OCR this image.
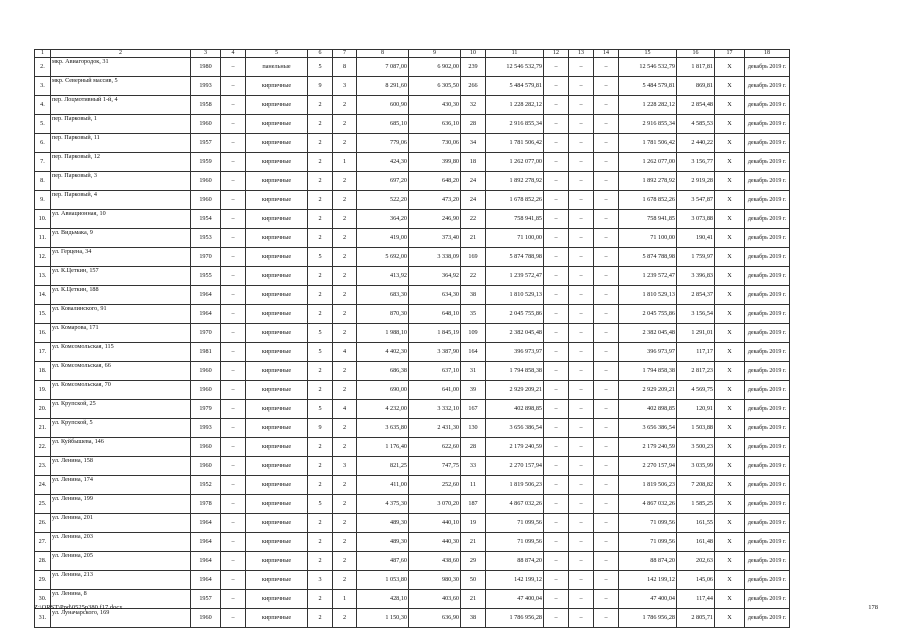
1	2	3	4	5	6	7	8	9	10	11	12	13	14	15	16	17	18
2.	мкр. Авиагородок, 31	1980	–	панельные	5	8	7 087,00	6 902,00	239	12 546 532,79	–	–	–	12 546 532,79	1 817,81	Х	декабрь 2019 г.
3.	мкр. Северный массив, 5	1993	–	кирпичные	9	3	8 291,60	6 305,50	266	5 484 579,81	–	–	–	5 484 579,81	869,81	Х	декабрь 2019 г.
4.	пер. Лоцмотивный 1-й, 4	1958	–	кирпичные	2	2	600,90	430,30	32	1 228 282,12	–	–	–	1 228 282,12	2 854,48	Х	декабрь 2019 г.
5.	пер. Парковый, 1	1960	–	кирпичные	2	2	685,10	636,10	28	2 916 855,34	–	–	–	2 916 855,34	4 585,53	Х	декабрь 2019 г.
6.	пер. Парковый, 11	1957	–	кирпичные	2	2	779,06	730,06	34	1 781 506,42	–	–	–	1 781 506,42	2 440,22	Х	декабрь 2019 г.
7.	пер. Парковый, 12	1959	–	кирпичные	2	1	424,30	399,80	18	1 262 077,00	–	–	–	1 262 077,00	3 156,77	Х	декабрь 2019 г.
8.	пер. Парковый, 3	1960	–	кирпичные	2	2	697,20	648,20	24	1 892 278,92	–	–	–	1 892 278,92	2 919,28	Х	декабрь 2019 г.
9.	пер. Парковый, 4	1960	–	кирпичные	2	2	522,20	473,20	24	1 678 852,26	–	–	–	1 678 852,26	3 547,87	Х	декабрь 2019 г.
10.	ул. Авиационная, 10	1954	–	кирпичные	2	2	364,20	246,90	22	758 941,85	–	–	–	758 941,85	3 073,88	Х	декабрь 2019 г.
11.	ул. Видьмака, 9	1953	–	кирпичные	2	2	419,00	373,40	21	71 100,00	–	–	–	71 100,00	190,41	Х	декабрь 2019 г.
12.	ул. Герцена, 34	1970	–	кирпичные	5	2	5 692,00	3 338,09	169	5 874 788,98	–	–	–	5 874 788,98	1 759,97	Х	декабрь 2019 г.
13.	ул. К.Цеткин, 157	1955	–	кирпичные	2	2	413,92	364,92	22	1 239 572,47	–	–	–	1 239 572,47	3 396,83	Х	декабрь 2019 г.
14.	ул. К.Цеткин, 188	1964	–	кирпичные	2	2	683,30	634,30	38	1 810 529,13	–	–	–	1 810 529,13	2 854,37	Х	декабрь 2019 г.
15.	ул. Ковалинского, 91	1964	–	кирпичные	2	2	870,30	648,10	35	2 045 755,86	–	–	–	2 045 755,86	3 156,54	Х	декабрь 2019 г.
16.	ул. Комарова, 171	1970	–	кирпичные	5	2	1 988,10	1 845,19	109	2 382 045,48	–	–	–	2 382 045,48	1 291,01	Х	декабрь 2019 г.
17.	ул. Комсомольская, 115	1981	–	кирпичные	5	4	4 402,30	3 387,90	164	396 973,97	–	–	–	396 973,97	117,17	Х	декабрь 2019 г.
18.	ул. Комсомольская, 66	1960	–	кирпичные	2	2	686,38	637,10	31	1 794 858,38	–	–	–	1 794 858,38	2 817,23	Х	декабрь 2019 г.
19.	ул. Комсомольская, 70	1960	–	кирпичные	2	2	690,00	641,00	39	2 929 209,21	–	–	–	2 929 209,21	4 569,75	Х	декабрь 2019 г.
20.	ул. Крупской, 25	1979	–	кирпичные	5	4	4 232,00	3 332,10	167	402 898,85	–	–	–	402 898,85	120,91	Х	декабрь 2019 г.
21.	ул. Крупской, 5	1993	–	кирпичные	9	2	3 635,80	2 431,30	130	3 656 386,54	–	–	–	3 656 386,54	1 503,88	Х	декабрь 2019 г.
22.	ул. Куйбышева, 146	1960	–	кирпичные	2	2	1 176,40	622,60	28	2 179 240,59	–	–	–	2 179 240,59	3 500,23	Х	декабрь 2019 г.
23.	ул. Ленина, 158	1960	–	кирпичные	2	3	821,25	747,75	33	2 270 157,94	–	–	–	2 270 157,94	3 035,99	Х	декабрь 2019 г.
24.	ул. Ленина, 174	1952	–	кирпичные	2	2	411,00	252,60	11	1 819 506,23	–	–	–	1 819 506,23	7 208,82	Х	декабрь 2019 г.
25.	ул. Ленина, 199	1978	–	кирпичные	5	2	4 375,30	3 070,20	187	4 867 032,26	–	–	–	4 867 032,26	1 585,25	Х	декабрь 2019 г.
26.	ул. Ленина, 201	1964	–	кирпичные	2	2	489,30	440,10	19	71 099,56	–	–	–	71 099,56	161,55	Х	декабрь 2019 г.
27.	ул. Ленина, 203	1964	–	кирпичные	2	2	489,30	440,30	21	71 099,56	–	–	–	71 099,56	161,48	Х	декабрь 2019 г.
28.	ул. Ленина, 205	1964	–	кирпичные	2	2	487,60	438,60	29	88 874,20	–	–	–	88 874,20	202,63	Х	декабрь 2019 г.
29.	ул. Ленина, 213	1964	–	кирпичные	3	2	1 053,80	980,30	50	142 199,12	–	–	–	142 199,12	145,06	Х	декабрь 2019 г.
30.	ул. Ленина, 8	1957	–	кирпичные	2	1	428,10	403,60	21	47 400,04	–	–	–	47 400,04	117,44	Х	декабрь 2019 г.
31.	ул. Луначарского, 169	1960	–	кирпичные	2	2	1 150,30	636,90	38	1 786 956,28	–	–	–	1 786 956,28	2 805,71	Х	декабрь 2019 г.
Z:\ORST\Ppd\0525p380.f17.docx	178
